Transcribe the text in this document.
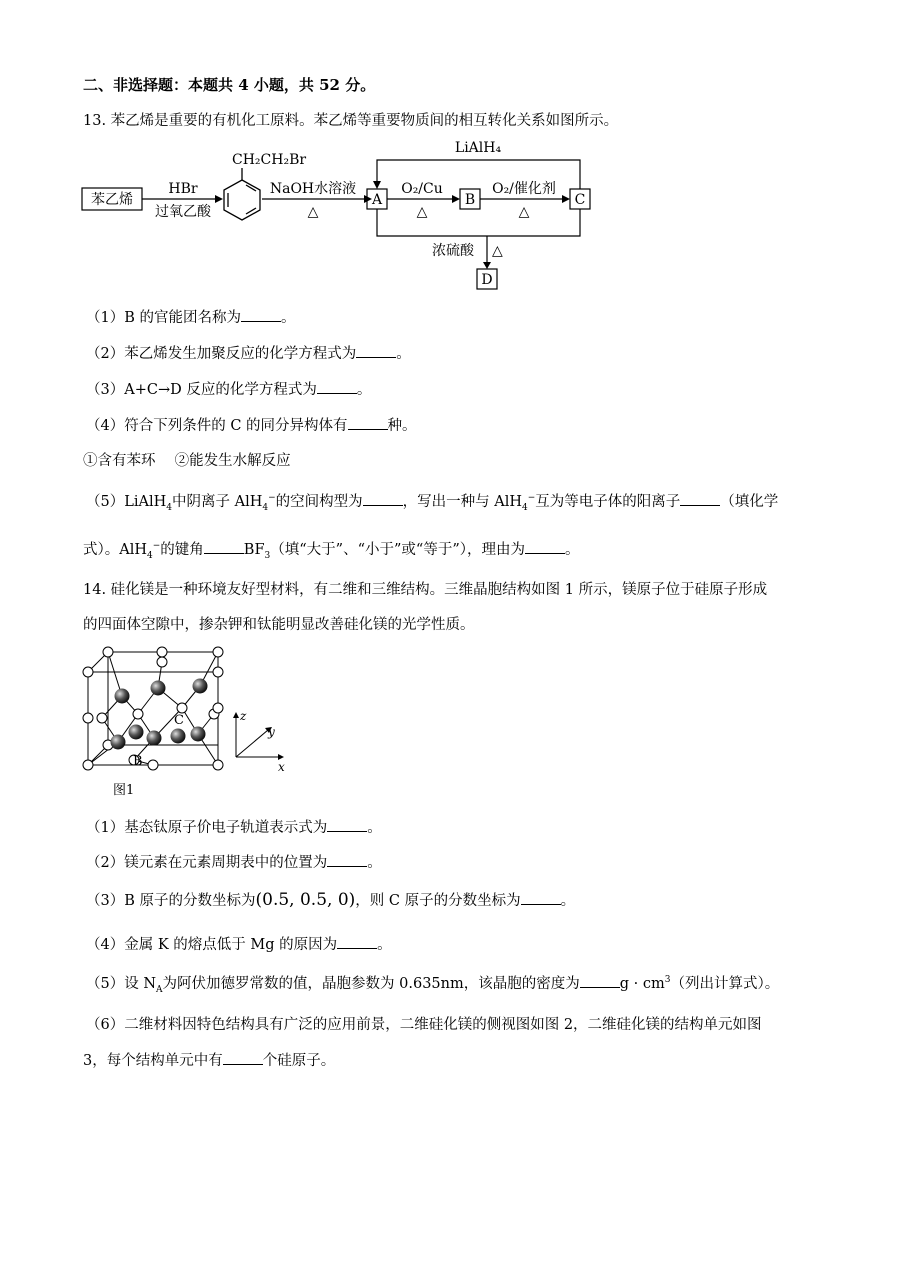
二、非选择题：本题共 4 小题，共 52 分。
13. 苯乙烯是重要的有机化工原料。苯乙烯等重要物质间的相互转化关系如图所示。
苯乙烯
HBr
过氧乙酸
CH₂CH₂Br
NaOH水溶液
△
A
O₂/Cu
△
B
O₂/催化剂
△
C
LiAlH₄
浓硫酸 △
D
（1）B 的官能团名称为	。
（2）苯乙烯发生加聚反应的化学方程式为	。
（3）A+C→D 反应的化学方程式为	。
（4）符合下列条件的 C 的同分异构体有	种。
①含有苯环　 ②能发生水解反应
（5）LiAlH$_4$中阴离子 AlH$_4$−的空间构型为	，写出一种与 AlH$_4$−互为等电子体的阳离子	（填化学
式）。AlH$_4$−的键角	$BF_3$（填“大于”、“小于”或“等于”），理由为	。
14. 硅化镁是一种环境友好型材料，有二维和三维结构。三维晶胞结构如图 1 所示，镁原子位于硅原子形成
的四面体空隙中，掺杂钾和钛能明显改善硅化镁的光学性质。
C
B	x
z
y
图1
（1）基态钛原子价电子轨道表示式为	。
（2）镁元素在元素周期表中的位置为	。
（3）B 原子的分数坐标为(0.5, 0.5, 0)，则 C 原子的分数坐标为	。
（4）金属 K 的熔点低于 Mg 的原因为	。
（5）设 $N_A$为阿伏加德罗常数的值，晶胞参数为 0.635nm，该晶胞的密度为	$g \cdot cm^3$（列出计算式）。
（6）二维材料因特色结构具有广泛的应用前景，二维硅化镁的侧视图如图 2，二维硅化镁的结构单元如图
3，每个结构单元中有	个硅原子。
